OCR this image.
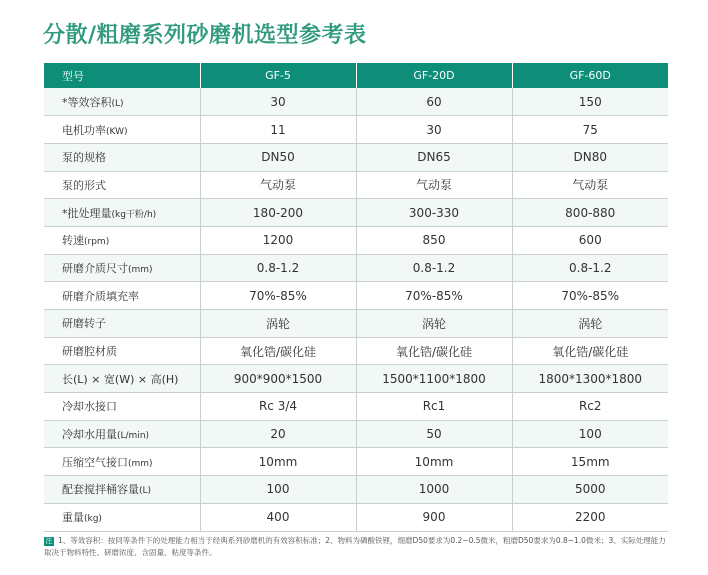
分散/粗磨系列砂磨机选型参考表
型号	GF-5	GF-20D	GF-60D
*等效容积(L)	30	60	150
电机功率(KW)	11	30	75
泵的规格	DN50	DN65	DN80
泵的形式	气动泵	气动泵	气动泵
*批处理量(kg干粉/h)	180-200	300-330	800-880
转速(rpm)	1200	850	600
研磨介质尺寸(mm)	0.8-1.2	0.8-1.2	0.8-1.2
研磨介质填充率	70%-85%	70%-85%	70%-85%
研磨转子	涡轮	涡轮	涡轮
研磨腔材质	氧化锆/碳化硅	氧化锆/碳化硅	氧化锆/碳化硅
长(L) × 宽(W) × 高(H)	900*900*1500	1500*1100*1800	1800*1300*1800
冷却水接口	Rc 3/4	Rc1	Rc2
冷却水用量(L/min)	20	50	100
压缩空气接口(mm)	10mm	10mm	15mm
配套搅拌桶容量(L)	100	1000	5000
重量(kg)	400	900	2200
注 1、等效容积：按同等条件下的处理能力相当于经典系列砂磨机的有效容积标准；2、物料为磷酸铁锂，细磨D50要求为0.2~0.5微米，粗磨D50要求为0.8~1.0微米；3、实际处理能力取决于物料特性、研磨浓度、含固量、粘度等条件。
